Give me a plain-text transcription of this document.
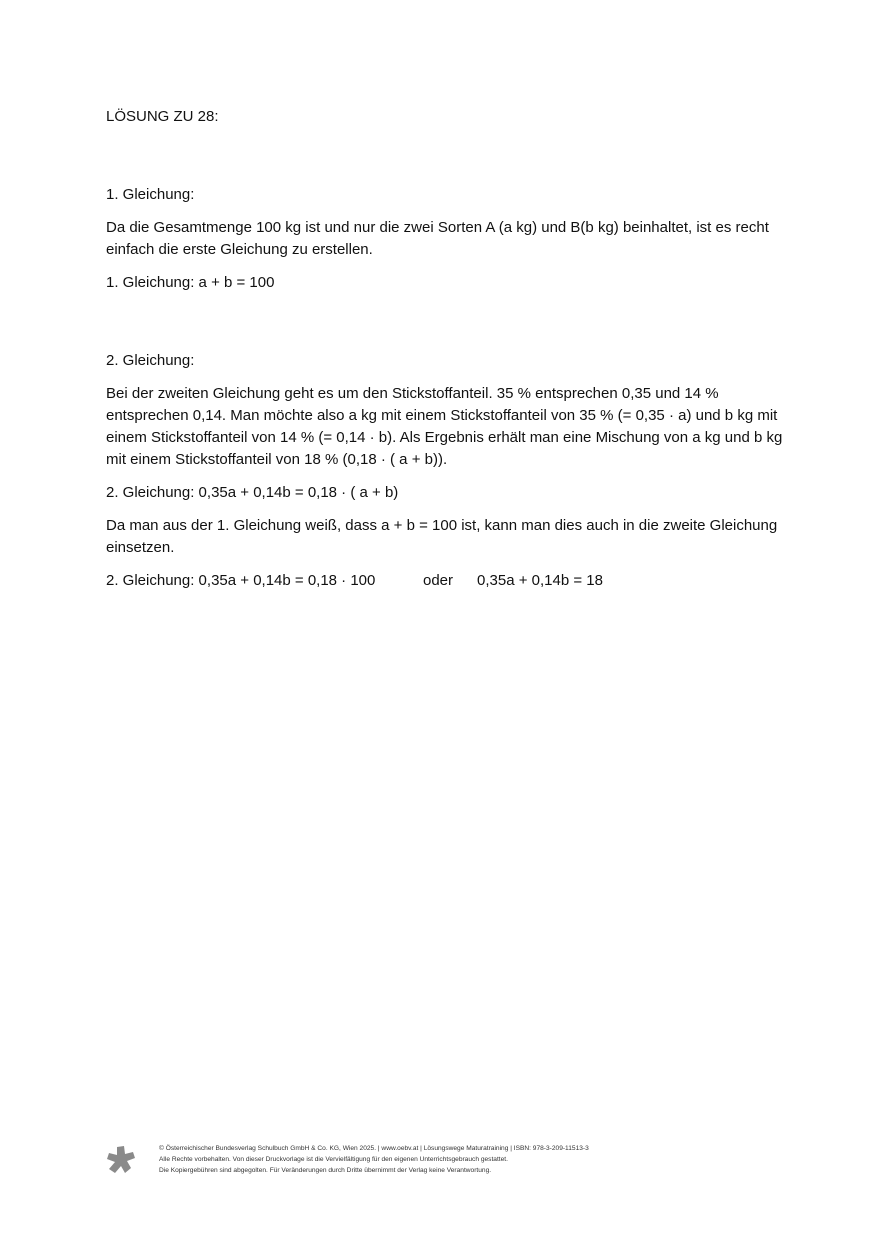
LÖSUNG ZU 28:

1. Gleichung:

Da die Gesamtmenge 100 kg ist und nur die zwei Sorten A (a kg) und B(b kg) beinhaltet, ist es recht einfach die erste Gleichung zu erstellen.

1. Gleichung: a + b = 100

2. Gleichung:

Bei der zweiten Gleichung geht es um den Stickstoffanteil. 35 % entsprechen 0,35 und 14 % entsprechen 0,14. Man möchte also a kg mit einem Stickstoffanteil von 35 % (= 0,35 · a) und b kg mit einem Stickstoffanteil von 14 % (= 0,14 · b). Als Ergebnis erhält man eine Mischung von a kg und b kg mit einem Stickstoffanteil von 18 % (0,18 · ( a + b)).

2. Gleichung: 0,35a + 0,14b = 0,18 · ( a + b)

Da man aus der 1. Gleichung weiß, dass a + b = 100 ist, kann man dies auch in die zweite Gleichung einsetzen.

2. Gleichung: 0,35a + 0,14b = 0,18 · 100	oder	0,35a + 0,14b = 18
© Österreichischer Bundesverlag Schulbuch GmbH & Co. KG, Wien 2025. | www.oebv.at | Lösungswege Maturatraining | ISBN: 978-3-209-11513-3
Alle Rechte vorbehalten. Von dieser Druckvorlage ist die Vervielfältigung für den eigenen Unterrichtsgebrauch gestattet.
Die Kopiergebühren sind abgegolten. Für Veränderungen durch Dritte übernimmt der Verlag keine Verantwortung.
